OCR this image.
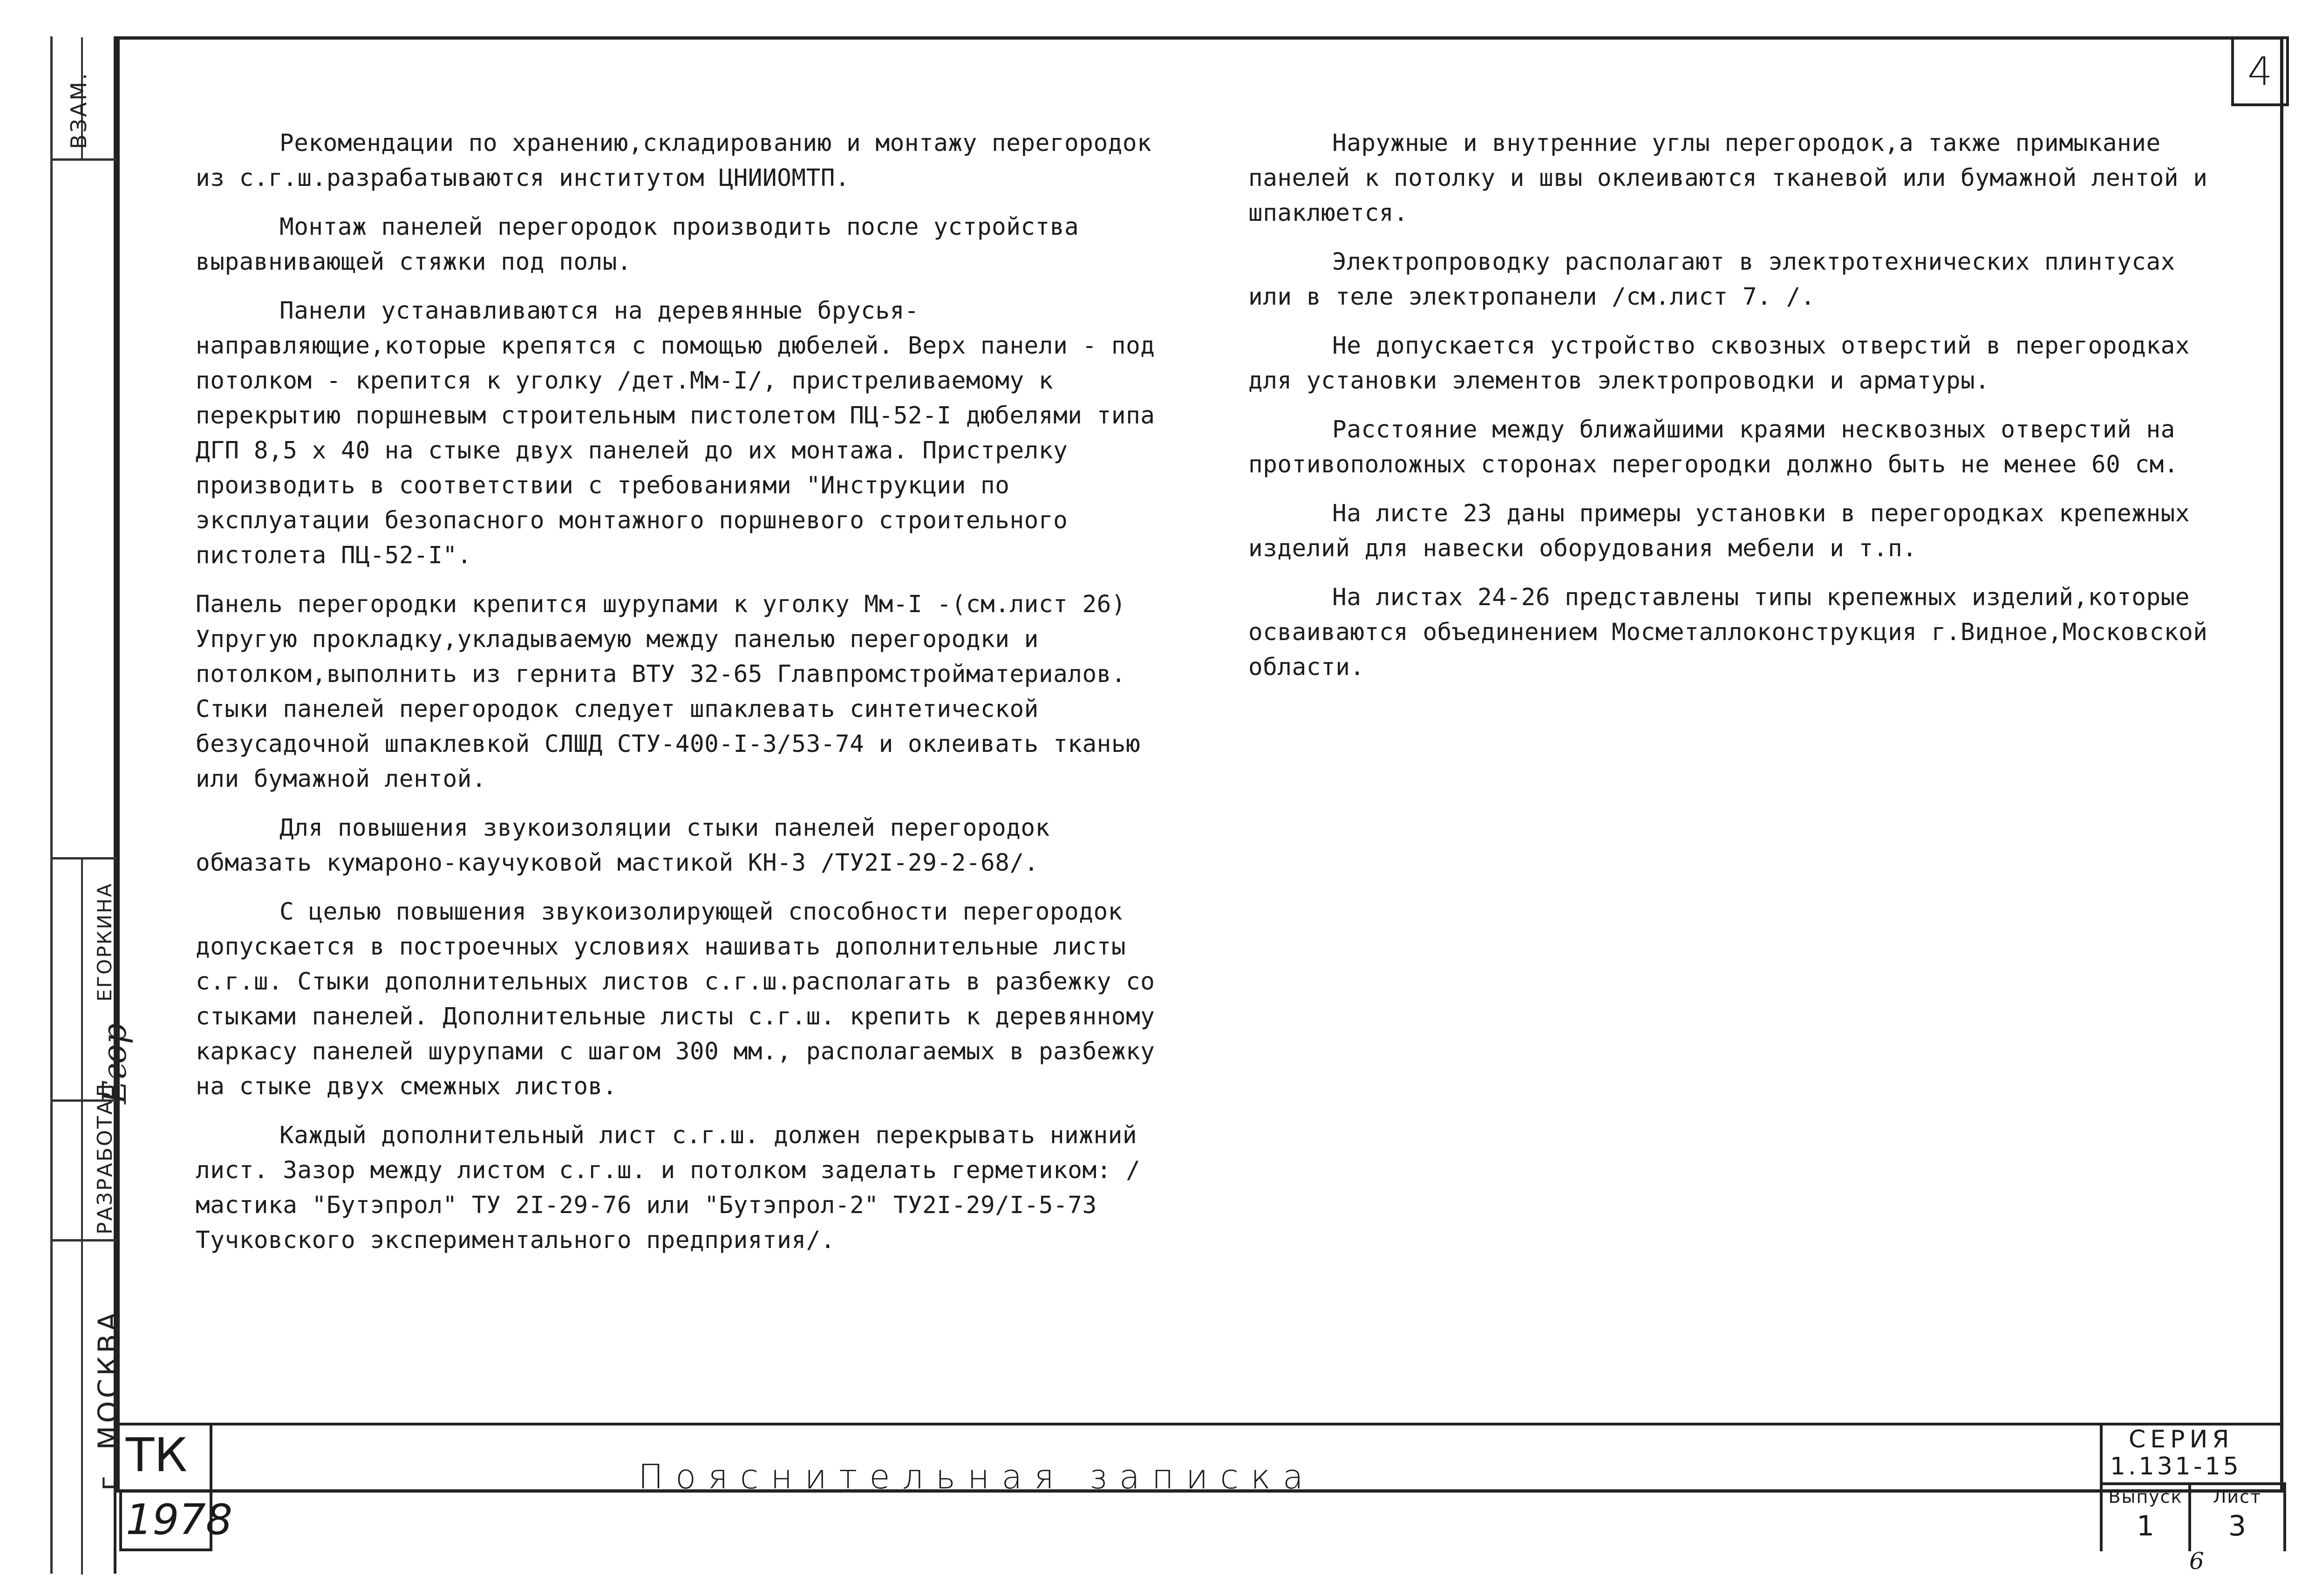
4

Рекомендации по хранению,складированию и монтажу перегородок из с.г.ш.разрабатываются институтом ЦНИИОМТП.

Монтаж панелей перегородок производить после устройства выравнивающей стяжки под полы.

Панели устанавливаются на деревянные брусья-направляющие,которые крепятся с помощью дюбелей. Верх панели - под потолком - крепится к уголку /дет.Мм-I/, пристреливаемому к перекрытию поршневым строительным пистолетом ПЦ-52-I дюбелями типа ДГП 8,5 x 40 на стыке двух панелей до их монтажа. Пристрелку производить в соответствии с требованиями "Инструкции по эксплуатации безопасного монтажного поршневого строительного пистолета ПЦ-52-I".

Панель перегородки крепится шурупами к уголку Мм-I -(см.лист 26) Упругую прокладку,укладываемую между панелью перегородки и потолком,выполнить из гернита ВТУ 32-65 Главпромстройматериалов. Стыки панелей перегородок следует шпаклевать синтетической безусадочной шпаклевкой СЛШД СТУ-400-I-3/53-74 и оклеивать тканью или бумажной лентой.

Для повышения звукоизоляции стыки панелей перегородок обмазать кумароно-каучуковой мастикой КН-3 /ТУ2I-29-2-68/.

С целью повышения звукоизолирующей способности перегородок допускается в построечных условиях нашивать дополнительные листы с.г.ш. Стыки дополнительных листов с.г.ш.располагать в разбежку со стыками панелей. Дополнительные листы с.г.ш. крепить к деревянному каркасу панелей шурупами с шагом 300 мм., располагаемых в разбежку на стыке двух смежных листов.

Каждый дополнительный лист с.г.ш. должен перекрывать нижний лист. Зазор между листом с.г.ш. и потолком заделать герметиком: /мастика "Бутэпрол" ТУ 2I-29-76 или "Бутэпрол-2" ТУ2I-29/I-5-73 Тучковского экспериментального предприятия/.

Наружные и внутренние углы перегородок,а также примыкание панелей к потолку и швы оклеиваются тканевой или бумажной лентой и шпаклюется.

Электропроводку располагают в электротехнических плинтусах или в теле электропанели /см.лист 7. /.

Не допускается устройство сквозных отверстий в перегородках для установки элементов электропроводки и арматуры.

Расстояние между ближайшими краями несквозных отверстий на противоположных сторонах перегородки должно быть не менее 60 см.

На листе 23 даны примеры установки в перегородках крепежных изделий для навески оборудования мебели и т.п.

На листах 24-26 представлены типы крепежных изделий,которые осваиваются объединением Мосметаллоконструкция г.Видное,Московской области.

ТК
1978
Пояснительная записка
СЕРИЯ
1.131-15
Выпуск
1
Лист
3
6
ВЗАМ.
РАЗРАБОТАЛ
ЕГОРКИНА
Егор
г. МОСКВА
